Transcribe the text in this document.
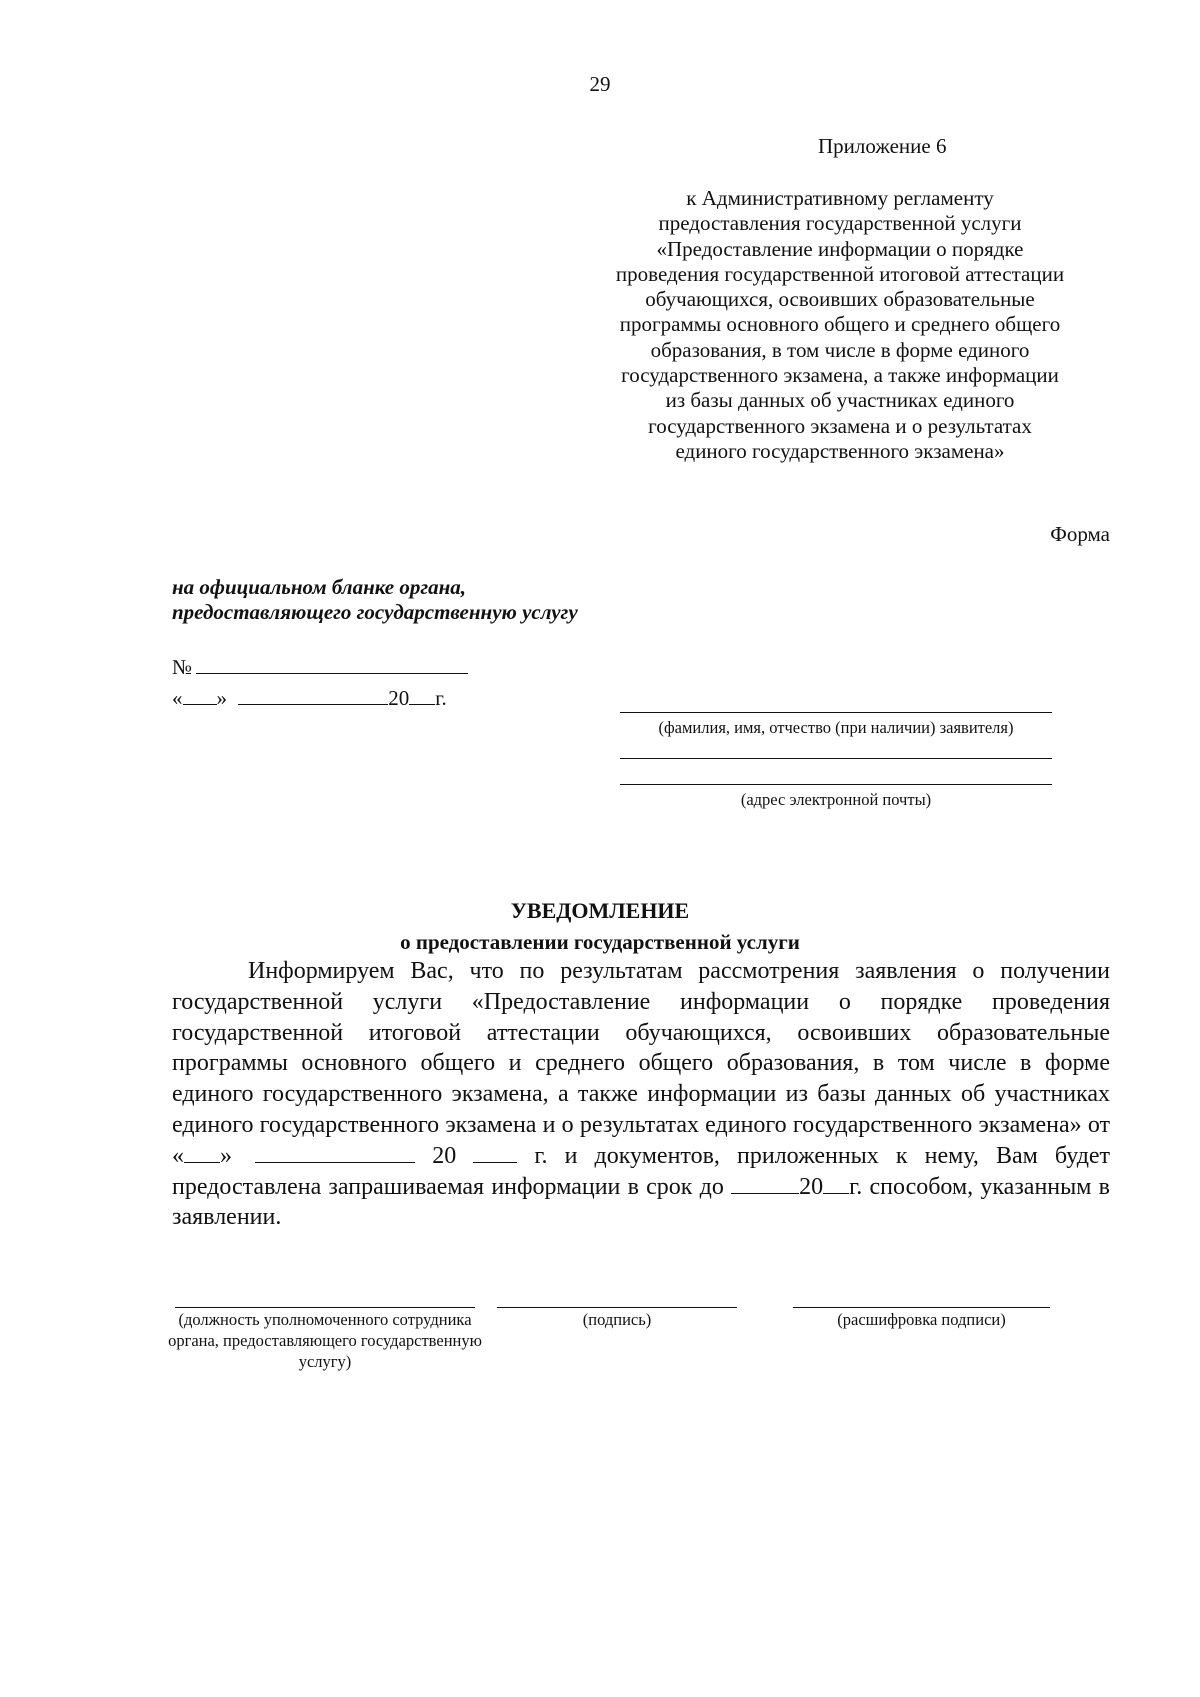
29
Приложение 6
к Административному регламенту
предоставления государственной услуги
«Предоставление информации о порядке
проведения государственной итоговой аттестации
обучающихся, освоивших образовательные
программы основного общего и среднего общего
образования, в том числе в форме единого
государственного экзамена, а также информации
из базы данных об участниках единого
государственного экзамена и о результатах
единого государственного экзамена»
Форма
на официальном бланке органа, предоставляющего государственную услугу
№
« »	20 г.
(фамилия, имя, отчество (при наличии) заявителя)
(адрес электронной почты)
УВЕДОМЛЕНИЕ
о предоставлении государственной услуги
Информируем Вас, что по результатам рассмотрения заявления о получении государственной услуги «Предоставление информации о порядке проведения государственной итоговой аттестации обучающихся, освоивших образовательные программы основного общего и среднего общего образования, в том числе в форме единого государственного экзамена, а также информации из базы данных об участниках единого государственного экзамена и о результатах единого государственного экзамена» от « »	20	г. и документов, приложенных к нему, Вам будет предоставлена запрашиваемая информации в срок до	20 г. способом, указанным в заявлении.
(должность уполномоченного сотрудника органа, предоставляющего государственную услугу)
(подпись)	(расшифровка подписи)
